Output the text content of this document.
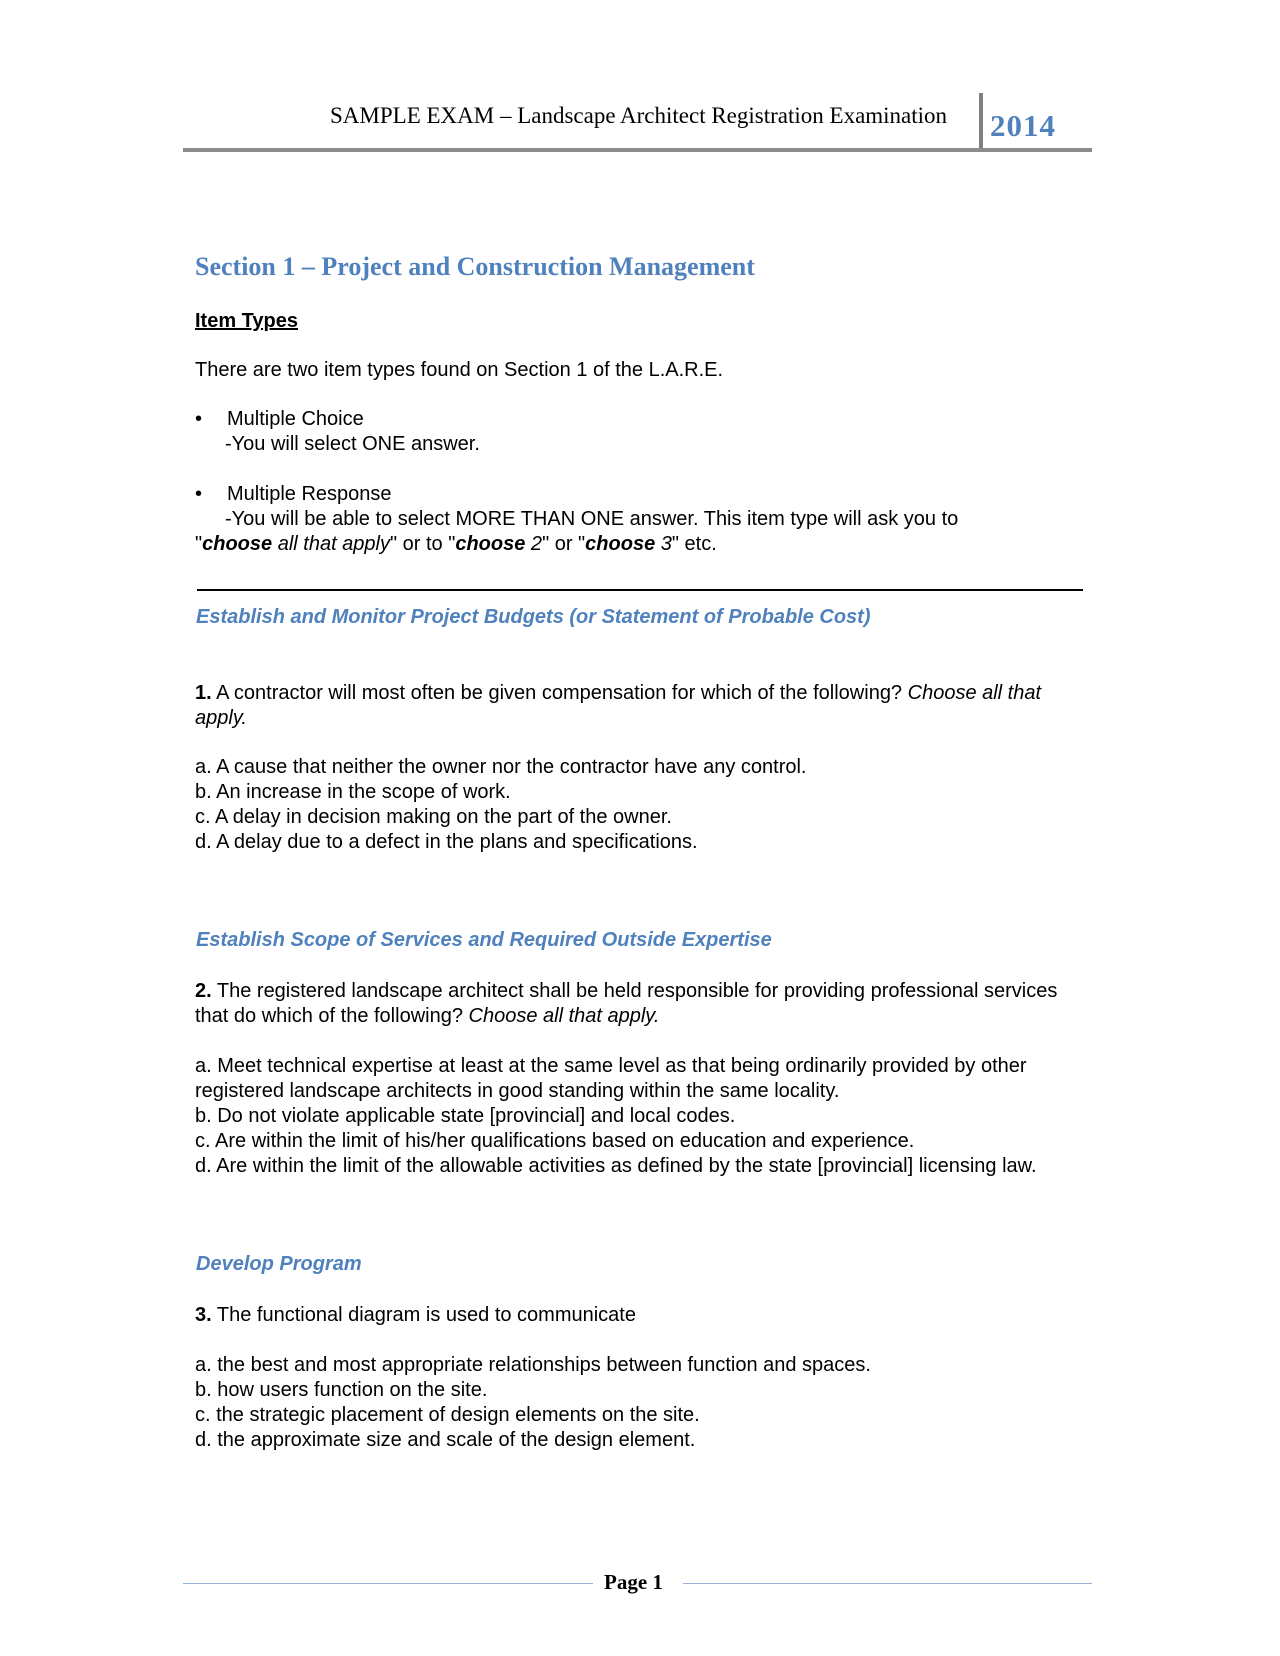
SAMPLE EXAM – Landscape Architect Registration Examination 2014
Section 1 – Project and Construction Management
Item Types
There are two item types found on Section 1 of the L.A.R.E.
• Multiple Choice
-You will select ONE answer.
• Multiple Response
-You will be able to select MORE THAN ONE answer. This item type will ask you to
"choose all that apply" or to "choose 2" or "choose 3" etc.
Establish and Monitor Project Budgets (or Statement of Probable Cost)
1. A contractor will most often be given compensation for which of the following? Choose all that apply.
a. A cause that neither the owner nor the contractor have any control.
b. An increase in the scope of work.
c. A delay in decision making on the part of the owner.
d. A delay due to a defect in the plans and specifications.
Establish Scope of Services and Required Outside Expertise
2. The registered landscape architect shall be held responsible for providing professional services that do which of the following? Choose all that apply.
a. Meet technical expertise at least at the same level as that being ordinarily provided by other registered landscape architects in good standing within the same locality.
b. Do not violate applicable state [provincial] and local codes.
c. Are within the limit of his/her qualifications based on education and experience.
d. Are within the limit of the allowable activities as defined by the state [provincial] licensing law.
Develop Program
3. The functional diagram is used to communicate
a. the best and most appropriate relationships between function and spaces.
b. how users function on the site.
c. the strategic placement of design elements on the site.
d. the approximate size and scale of the design element.
Page 1
